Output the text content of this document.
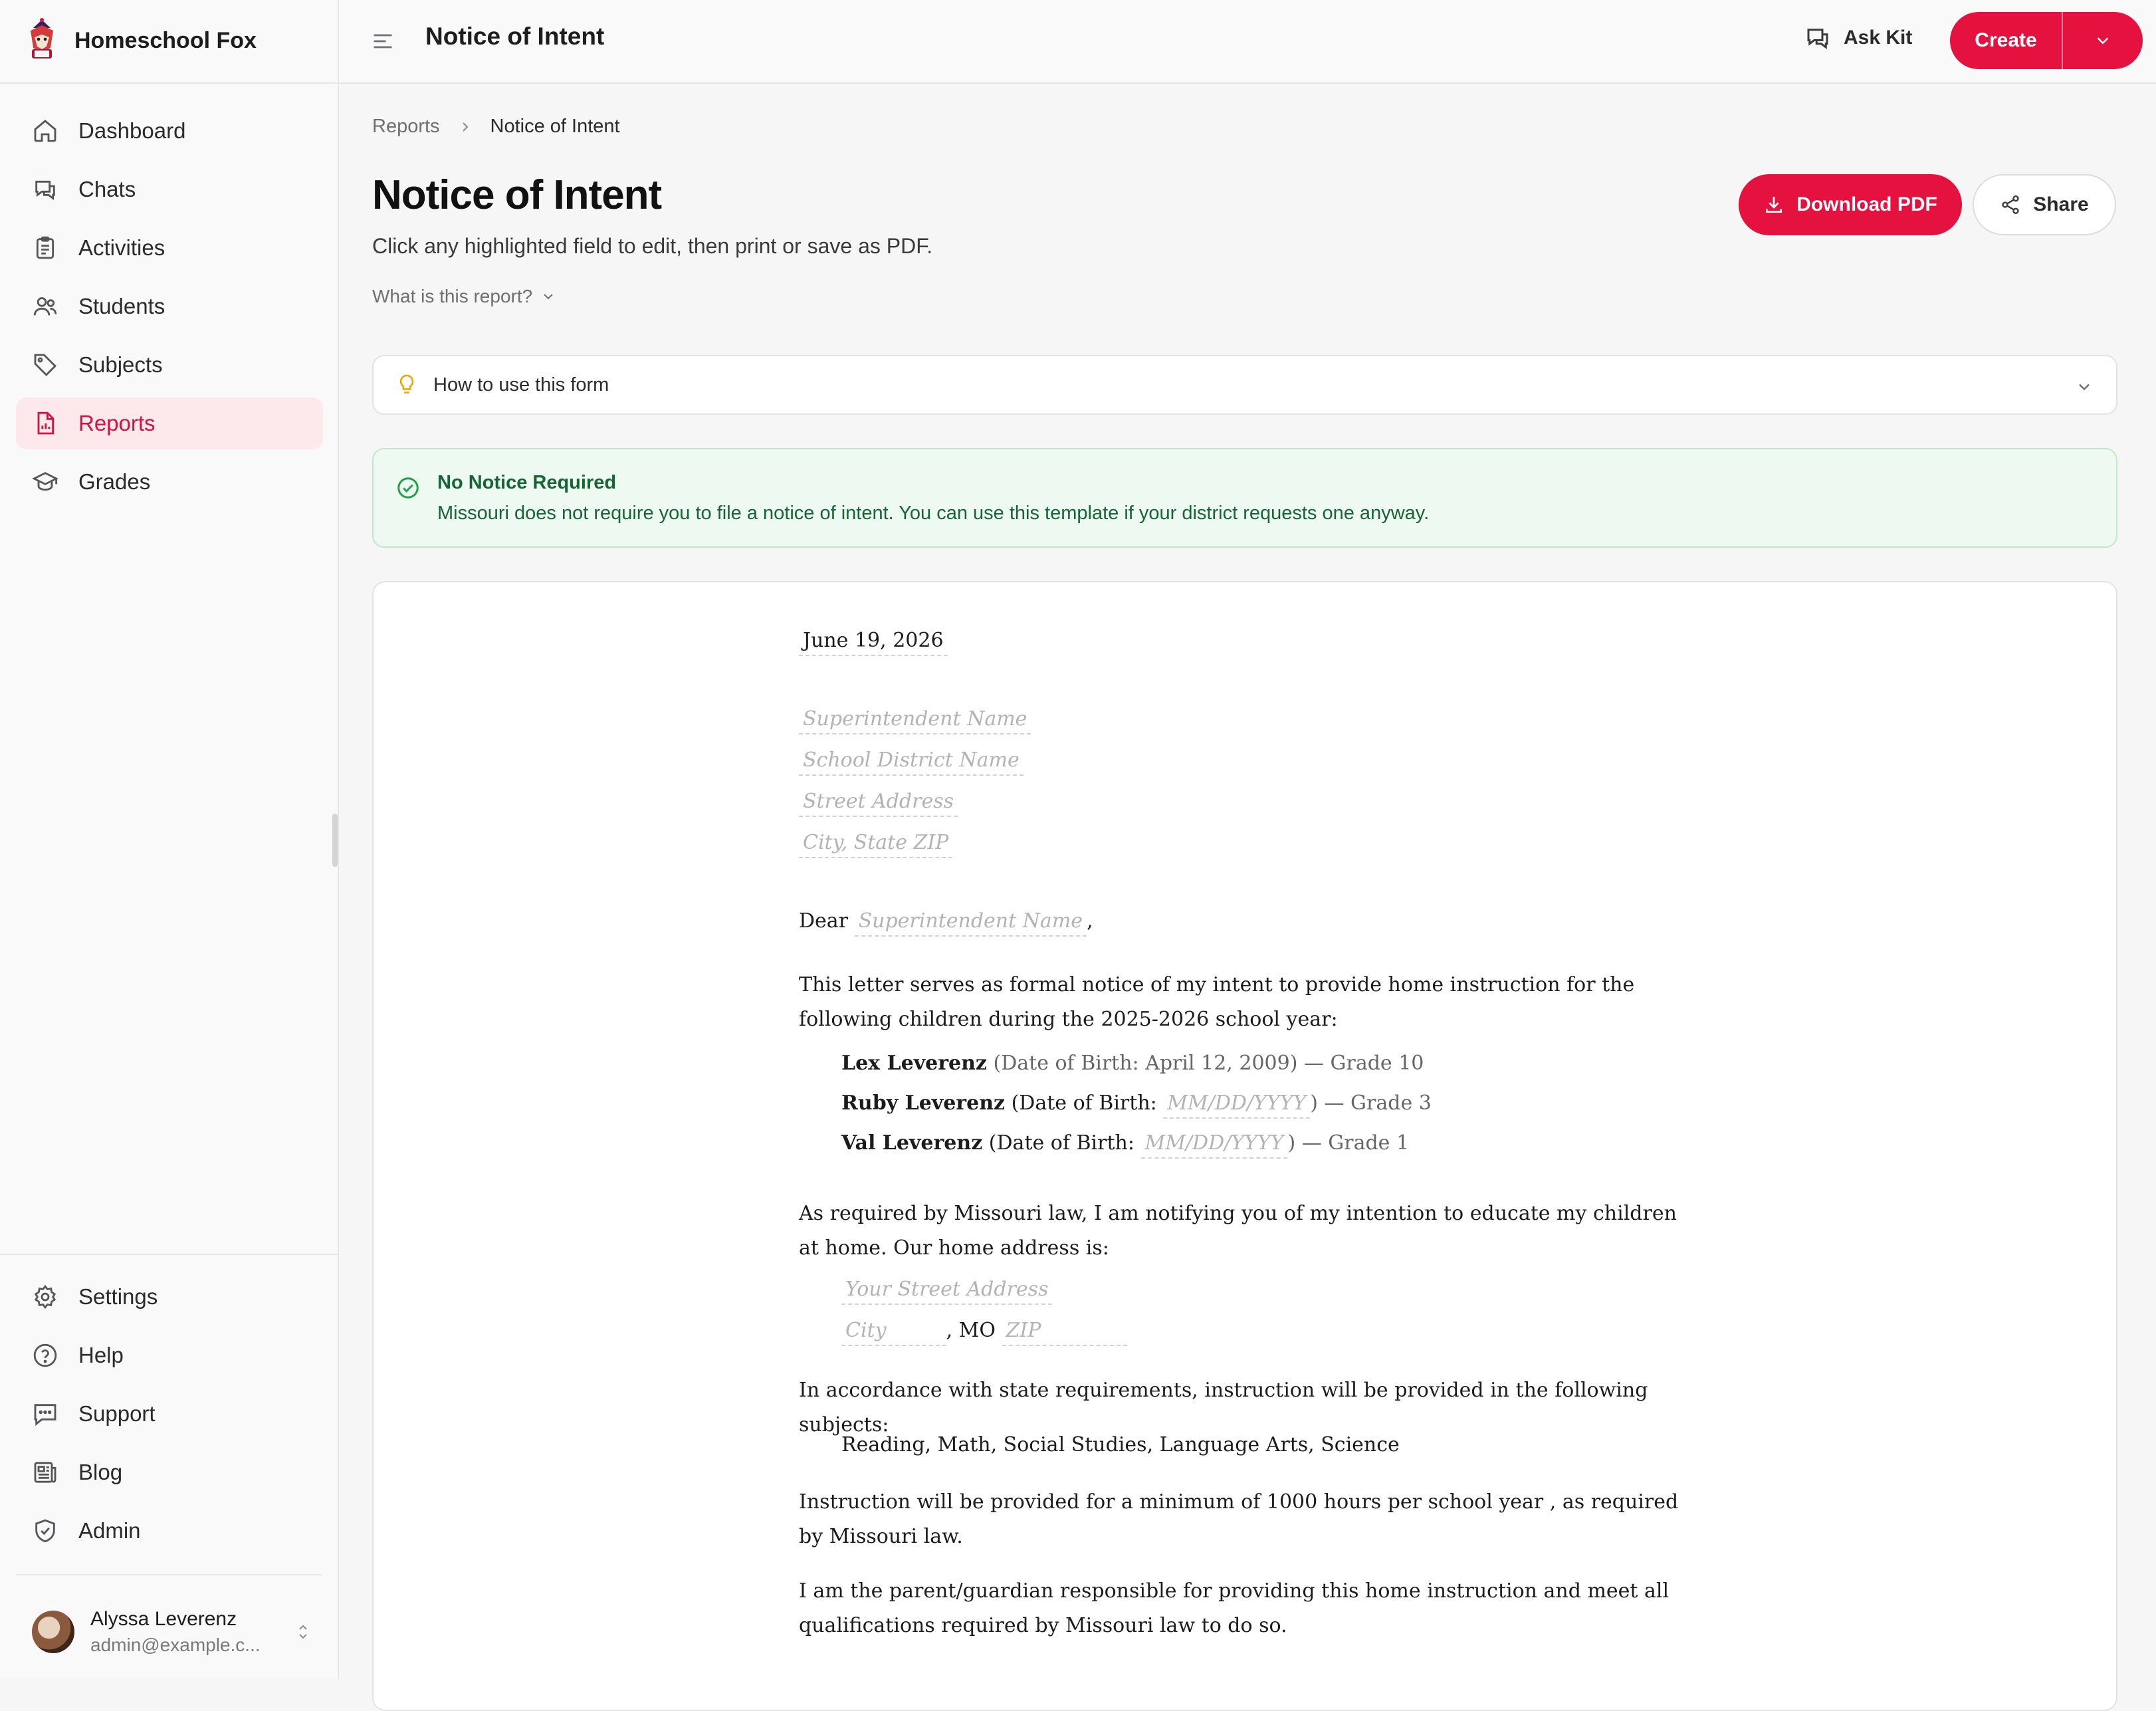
Homeschool Fox
Dashboard
Chats
Activities
Students
Subjects
Reports
Grades
Settings
Help
Support
Blog
Admin
Alyssa Leverenz
admin@example.c...
Notice of Intent	Ask Kit	Create
Reports	Notice of Intent
Notice of Intent
Click any highlighted field to edit, then print or save as PDF.
What is this report?
Download PDF	Share
How to use this form
No Notice Required
Missouri does not require you to file a notice of intent. You can use this template if your district requests one anyway.
June 19, 2026
Superintendent Name
School District Name
Street Address
City, State ZIP
Dear Superintendent Name ,
This letter serves as formal notice of my intent to provide home instruction for the following children during the 2025-2026 school year:
Lex Leverenz (Date of Birth: April 12, 2009) — Grade 10
Ruby Leverenz (Date of Birth: MM/DD/YYYY ) — Grade 3
Val Leverenz (Date of Birth: MM/DD/YYYY ) — Grade 1
As required by Missouri law, I am notifying you of my intention to educate my children at home. Our home address is:
Your Street Address
City	, MO ZIP
In accordance with state requirements, instruction will be provided in the following subjects:
Reading, Math, Social Studies, Language Arts, Science
Instruction will be provided for a minimum of 1000 hours per school year , as required by Missouri law.
I am the parent/guardian responsible for providing this home instruction and meet all qualifications required by Missouri law to do so.
